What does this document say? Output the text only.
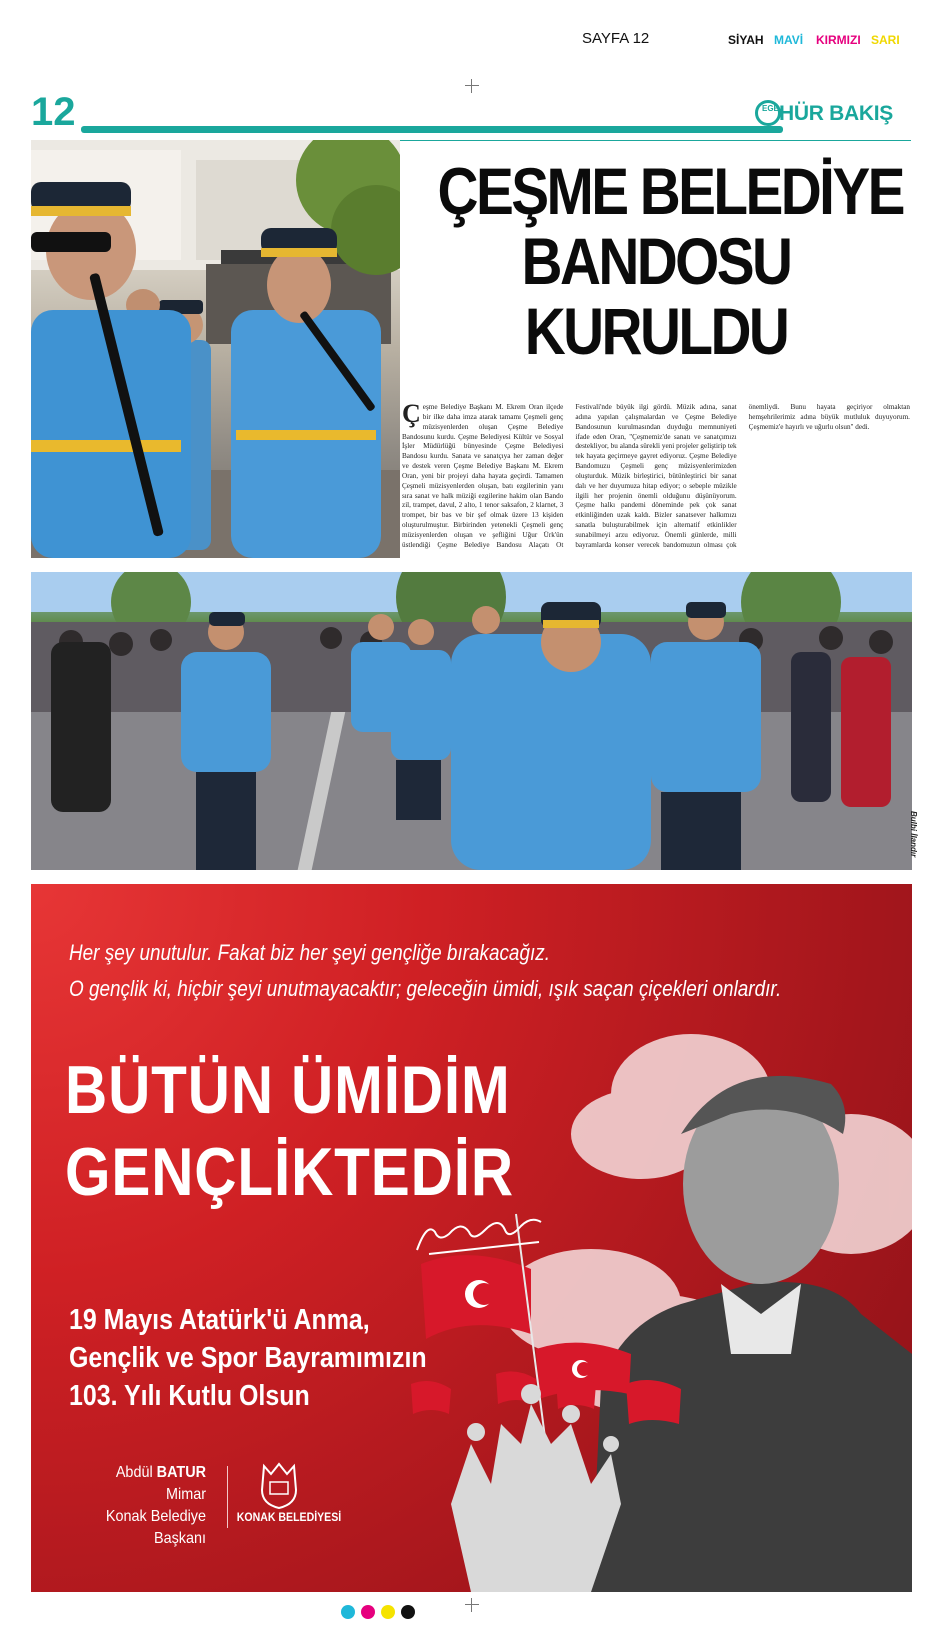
SAYFA 12	SİYAH MAVİ KIRMIZI SARI
12	EGE HÜR BAKIŞ
ÇEŞME BELEDİYE
BANDOSU
KURULDU
Ç eşme Belediye Başkanı M. Ekrem Oran ilçede bir ilke daha imza atarak tamamı Çeşmeli genç müzisyenlerden oluşan Çeşme Belediye Bandosunu kurdu. Çeşme Belediyesi Kültür ve Sosyal İşler Müdürlüğü bünyesinde Çeşme Belediyesi Bandosu kurdu. Sanata ve sanatçıya her zaman değer ve destek veren Çeşme Belediye Başkanı M. Ekrem Oran, yeni bir projeyi daha hayata geçirdi. Tamamen Çeşmeli müzisyenlerden oluşan, batı ezgilerinin yanı sıra sanat ve halk müziği ezgilerine hakim olan Bando zil, trampet, davul, 2 alto, 1 tenor saksafon, 2 klarnet, 3 trompet, bir bas ve bir şef olmak üzere 13 kişiden oluşturulmuştur. Birbirinden yetenekli Çeşmeli genç müzisyenlerden oluşan ve şefliğini Uğur Ürk'ün üstlendiği Çeşme Belediye Bandosu Alaçatı Ot Festivali'nde büyük ilgi gördü. Müzik adına, sanat adına yapılan çalışmalardan ve Çeşme Belediye Bandosunun kurulmasından duyduğu memnuniyeti ifade eden Oran, "Çeşmemiz'de sanatı ve sanatçımızı destekliyor, bu alanda sürekli yeni projeler geliştirip tek tek hayata geçirmeye gayret ediyoruz. Çeşme Belediye Bandomuzu Çeşmeli genç müzisyenlerimizden oluşturduk. Müzik birleştirici, bütünleştirici bir sanat dalı ve her duyumuza hitap ediyor; o sebeple müzikle ilgili her projenin önemli olduğunu düşünüyorum. Çeşme halkı pandemi döneminde pek çok sanat etkinliğinden uzak kaldı. Bizler sanatsever halkımızı sanatla buluşturabilmek için alternatif etkinlikler sunabilmeyi arzu ediyoruz. Önemli günlerde, milli bayramlarda konser verecek bandomuzun olması çok önemliydi. Bunu hayata geçiriyor olmaktan hemşehrilerimiz adına büyük mutluluk duyuyorum. Çeşmemiz'e hayırlı ve uğurlu olsun" dedi.
Bulbi İlandır
Her şey unutulur. Fakat biz her şeyi gençliğe bırakacağız.
O gençlik ki, hiçbir şeyi unutmayacaktır; geleceğin ümidi, ışık saçan çiçekleri onlardır.
BÜTÜN ÜMİDİM
GENÇLİKTEDİR
19 Mayıs Atatürk'ü Anma,
Gençlik ve Spor Bayramımızın
103. Yılı Kutlu Olsun
Abdül BATUR
Mimar
Konak Belediye Başkanı
KONAK BELEDİYESİ
